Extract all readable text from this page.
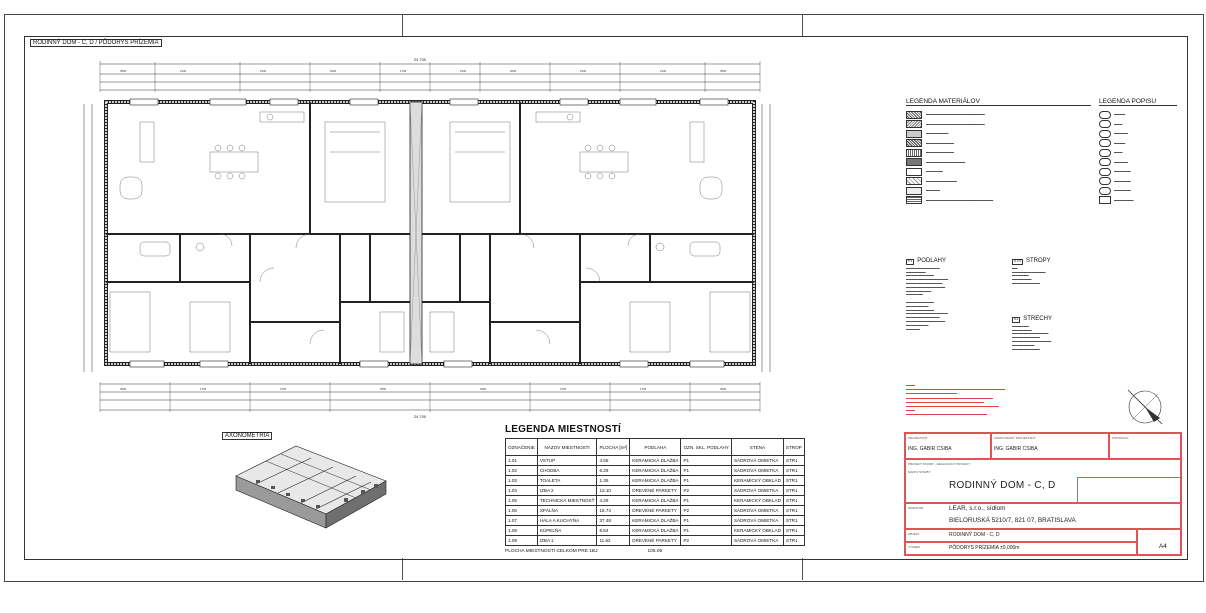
RODINNÝ DOM - C, D / PÔDORYS PRÍZEMIA
24 700
24 700
3550	2100	1500	2500	1750	1500	2600	1500	2100	3550
3500	1750	2750	2550	2550	2750	1750	3500
AXONOMETRIA
LEGENDA MIESTNOSTÍ
OZNAČENIE	NÁZOV MIESTNOSTI	PLOCHA [m²]	PODLAHA	OZN. SKL. PODLAHY	STENA	STROP
1.01	VSTUP	4.65	KERAMICKÁ DLAŽBA	P1	SÁDROVÁ OMIETKA	STR1
1.02	CHODBA	6.29	KERAMICKÁ DLAŽBA	P1	SÁDROVÁ OMIETKA	STR1
1.03	TOALETA	1.35	KERAMICKÁ DLAŽBA	P1	KERAMICKÝ OBKLAD	STR1
1.04	IZBA 2	12.10	DREVENÉ PARKETY	P2	SÁDROVÁ OMIETKA	STR1
1.05	TECHNICKÁ MIESTNOSŤ	4.29	KERAMICKÁ DLAŽBA	P1	KERAMICKÝ OBKLAD	STR1
1.06	SPÁLŇA	15.74	DREVENÉ PARKETY	P2	SÁDROVÁ OMIETKA	STR1
1.07	HALA A KUCHYŇA	37.48	KERAMICKÁ DLAŽBA	P1	SÁDROVÁ OMIETKA	STR1
1.08	KÚPEĽŇA	8.54	KERAMICKÁ DLAŽBA	P1	KERAMICKÝ OBKLAD	STR1
1.09	IZBA 1	11.62	DREVENÉ PARKETY	P2	SÁDROVÁ OMIETKA	STR1
PLOCHA MIESTNOSTÍ CELKOM PRE 1BJ	105.05
LEGENDA MATERIÁLOV
▬▬▬▬▬▬▬▬▬▬▬▬▬▬▬▬▬▬▬▬▬
▬▬▬▬▬▬▬▬▬▬▬▬▬▬▬▬▬▬▬▬▬
▬▬▬▬▬▬▬▬
▬▬▬▬▬▬▬▬▬▬
▬▬▬▬▬▬▬▬▬▬
▬▬▬▬▬▬▬▬▬▬▬▬▬▬
▬▬▬▬▬▬
▬▬▬▬▬▬▬▬▬▬▬
▬▬▬▬▬
▬▬▬▬▬▬▬▬▬▬▬▬▬▬▬▬▬▬▬▬▬▬▬▬
LEGENDA POPISU
▬▬▬▬
▬▬▬
▬▬▬▬▬
▬▬▬▬
▬▬▬
▬▬▬▬▬
▬▬▬▬▬▬
▬▬▬▬▬▬
▬▬▬▬▬▬
▬▬▬▬▬▬▬
P1 PODLAHY
▬▬▬▬▬▬▬▬▬▬▬▬
▬▬▬▬▬▬▬
▬▬▬▬▬▬▬▬▬▬
▬▬▬▬▬▬▬▬▬▬▬▬▬▬▬
▬▬▬▬▬▬▬▬▬▬▬▬▬
▬▬▬▬▬▬▬▬▬▬▬▬▬▬
▬▬▬▬▬▬▬▬▬
▬▬▬▬▬▬

▬▬▬▬▬▬▬▬▬▬
▬▬▬▬▬▬▬▬
▬▬▬▬▬▬▬▬▬▬
▬▬▬▬▬▬▬▬▬▬▬▬▬▬▬
▬▬▬▬▬▬▬▬▬▬▬▬
▬▬▬▬▬▬▬▬▬▬▬▬▬▬
▬▬▬▬▬▬▬▬
▬▬▬▬▬
STR STROPY
▬▬
▬▬▬▬▬▬▬▬▬▬▬▬
▬▬▬▬▬▬
▬▬▬▬▬▬▬
▬▬▬▬▬▬▬▬▬▬
S1 STRECHY
▬▬▬▬▬▬
▬▬▬▬▬▬▬
▬▬▬▬▬▬▬▬▬▬▬▬▬
▬▬▬▬▬▬▬▬▬▬
▬▬▬▬▬▬▬▬▬▬▬▬▬▬
▬▬▬▬▬▬▬▬
▬▬▬▬▬▬▬▬▬▬
▬▬▬
▬▬▬▬▬▬▬▬▬▬▬▬▬▬▬▬▬▬▬▬▬▬▬▬▬▬▬▬▬▬▬▬▬
▬▬▬▬▬▬▬▬▬▬▬▬▬▬▬▬▬
▬▬▬▬▬▬▬▬▬▬▬▬▬▬▬▬▬▬▬▬▬▬▬▬▬▬▬▬▬
▬▬▬▬▬▬▬▬▬▬▬▬▬▬▬▬▬▬▬▬▬▬▬▬▬▬
▬▬▬▬▬▬▬▬▬▬▬▬▬▬▬▬▬▬▬▬▬▬▬▬▬▬▬▬▬▬▬
▬▬▬
▬▬▬▬▬▬▬▬▬▬▬▬▬▬▬▬▬▬▬▬▬▬▬▬▬▬▬
PROJEKTANT
ING. GABIR CSIBA
ZODPOVEDNÝ PROJEKTANT
ING. GABIR CSIBA
KONTROLA
PROJEKT STAVBY - REALIZAČNÝ PROJEKT
NÁZOV STAVBY
RODINNÝ DOM - C, D
INVESTOR	LEAR, s.r.o., sídlom
BIELORUSKÁ 5210/7, 821 07, BRATISLAVA
OBJEKT	RODINNÝ DOM - C, D
VÝKRES	PÔDORYS PRÍZEMIA ±0,000m	A4
